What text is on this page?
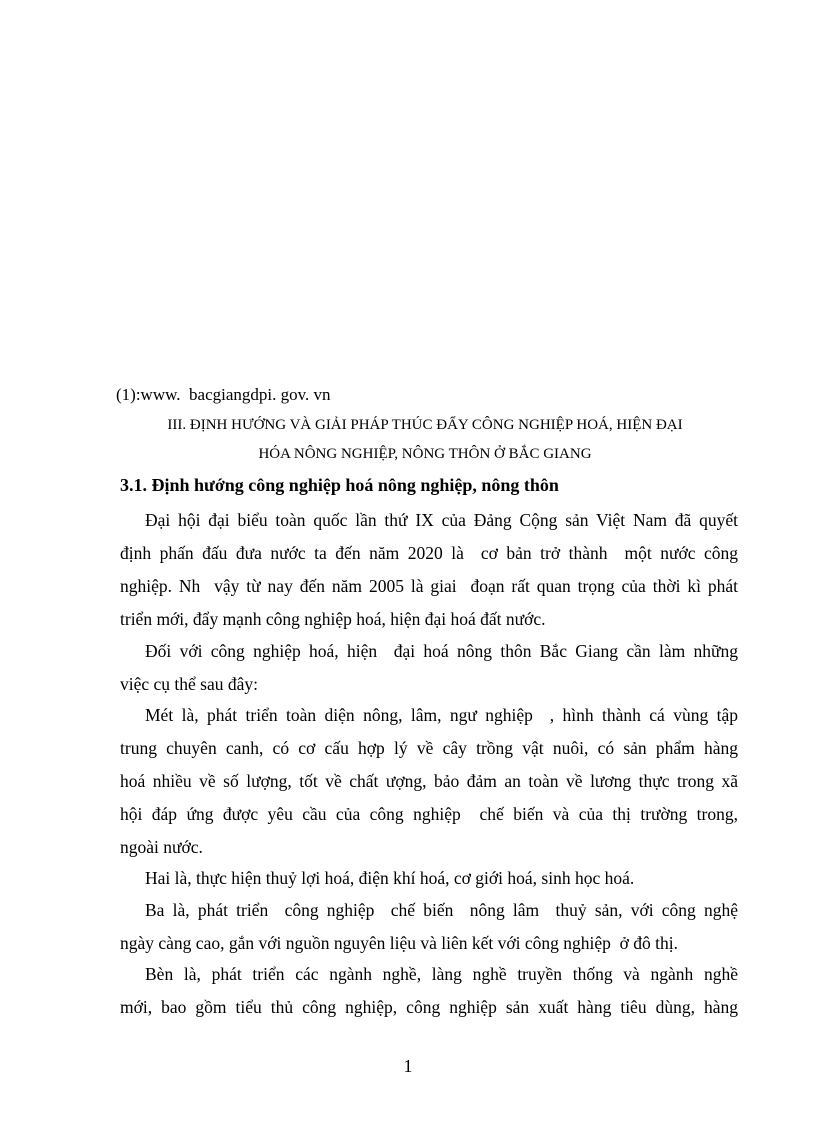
(1):www.  bacgiangdpi. gov. vn
III. ĐỊNH HƯỚNG VÀ GIẢI PHÁP THÚC ĐẨY CÔNG NGHIỆP HOÁ, HIỆN ĐẠI
HÓA NÔNG NGHIỆP, NÔNG THÔN Ở BẮC GIANG
3.1. Định hướng công nghiệp hoá nông nghiệp, nông thôn
Đại hội đại biểu toàn quốc lần thứ IX của Đảng Cộng sản Việt Nam đã quyết
định phấn đấu đưa nước ta đến năm 2020 là  cơ bản trở thành  một nước công
nghiệp. Nh  vậy từ nay đến năm 2005 là giai  đoạn rất quan trọng của thời kì phát
triển mới, đẩy mạnh công nghiệp hoá, hiện đại hoá đất nước.
Đối với công nghiệp hoá, hiện  đại hoá nông thôn Bắc Giang cần làm những
việc cụ thể sau đây:
Mét là, phát triển toàn diện nông, lâm, ngư nghiệp  , hình thành cá vùng tập
trung chuyên canh, có cơ cấu hợp lý về cây trồng vật nuôi, có sản phẩm hàng
hoá nhiều về số lượng, tốt về chất ượng, bảo đảm an toàn về lương thực trong xã
hội đáp ứng được yêu cầu của công nghiệp  chế biến và của thị trường trong,
ngoài nước.
Hai là, thực hiện thuỷ lợi hoá, điện khí hoá, cơ giới hoá, sinh học hoá.
Ba là, phát triển  công nghiệp  chế biến  nông lâm  thuỷ sản, với công nghệ
ngày càng cao, gắn với nguồn nguyên liệu và liên kết với công nghiệp  ở đô thị.
Bèn là, phát triển các ngành nghề, làng nghề truyền thống và ngành nghề
mới, bao gồm tiểu thủ công nghiệp, công nghiệp sản xuất hàng tiêu dùng, hàng
1
